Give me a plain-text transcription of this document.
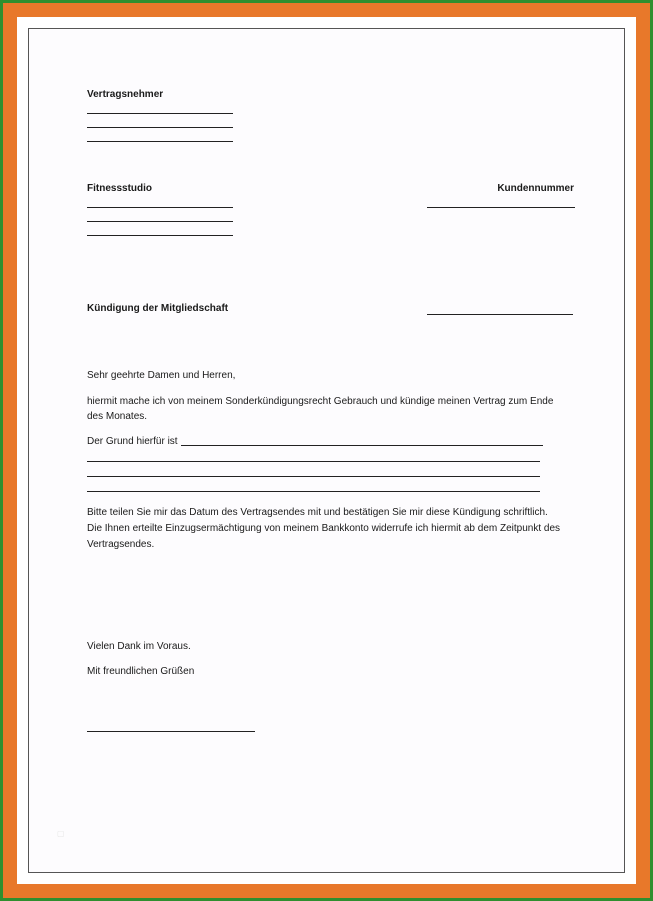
Vertragsnehmer
Fitnessstudio	Kundennummer
Kündigung der Mitgliedschaft
Sehr geehrte Damen und Herren,
hiermit mache ich von meinem Sonderkündigungsrecht Gebrauch und kündige meinen Vertrag zum Ende
des Monates.
Der Grund hierfür ist
Bitte teilen Sie mir das Datum des Vertragsendes mit und bestätigen Sie mir diese Kündigung schriftlich.
Die Ihnen erteilte Einzugsermächtigung von meinem Bankkonto widerrufe ich hiermit ab dem Zeitpunkt des
Vertragsendes.
Vielen Dank im Voraus.
Mit freundlichen Grüßen
▢
